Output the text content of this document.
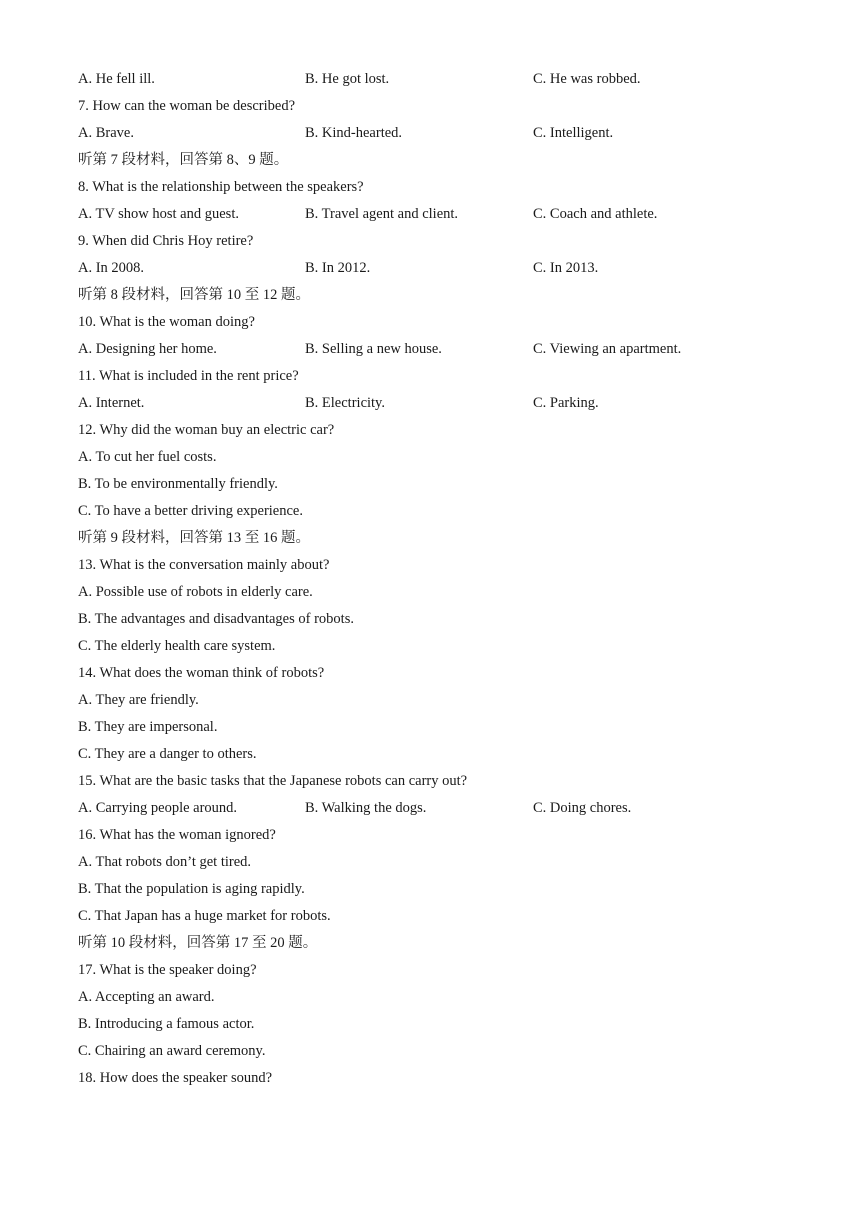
A. He fell ill.	B. He got lost.	C. He was robbed.
7. How can the woman be described?
A. Brave.	B. Kind-hearted.	C. Intelligent.
听第 7 段材料，回答第 8、9 题。
8. What is the relationship between the speakers?
A. TV show host and guest.	B. Travel agent and client.	C. Coach and athlete.
9. When did Chris Hoy retire?
A. In 2008.	B. In 2012.	C. In 2013.
听第 8 段材料，回答第 10 至 12 题。
10. What is the woman doing?
A. Designing her home.	B. Selling a new house.	C. Viewing an apartment.
11. What is included in the rent price?
A. Internet.	B. Electricity.	C. Parking.
12. Why did the woman buy an electric car?
A. To cut her fuel costs.
B. To be environmentally friendly.
C. To have a better driving experience.
听第 9 段材料，回答第 13 至 16 题。
13. What is the conversation mainly about?
A. Possible use of robots in elderly care.
B. The advantages and disadvantages of robots.
C. The elderly health care system.
14. What does the woman think of robots?
A. They are friendly.
B. They are impersonal.
C. They are a danger to others.
15. What are the basic tasks that the Japanese robots can carry out?
A. Carrying people around.	B. Walking the dogs.	C. Doing chores.
16. What has the woman ignored?
A. That robots don’t get tired.
B. That the population is aging rapidly.
C. That Japan has a huge market for robots.
听第 10 段材料，回答第 17 至 20 题。
17. What is the speaker doing?
A. Accepting an award.
B. Introducing a famous actor.
C. Chairing an award ceremony.
18. How does the speaker sound?
